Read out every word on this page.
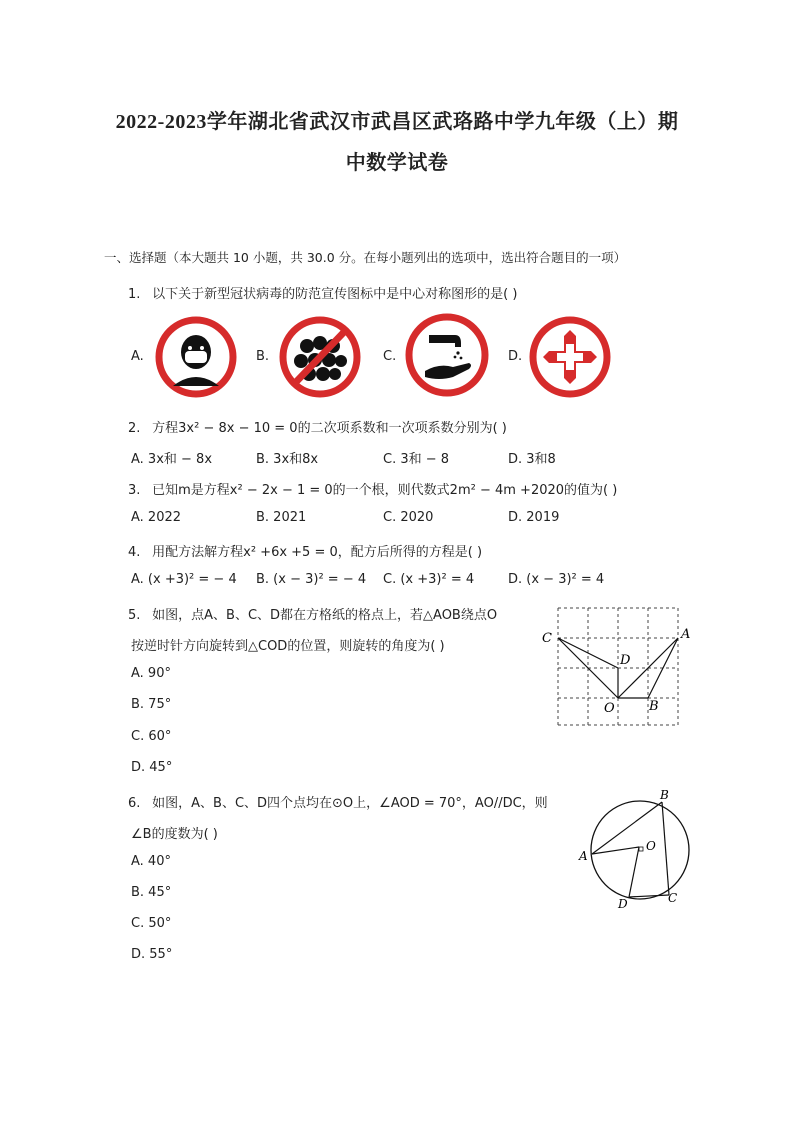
2022-2023学年湖北省武汉市武昌区武珞路中学九年级（上）期
中数学试卷
一、选择题（本大题共 10 小题，共 30.0 分。在每小题列出的选项中，选出符合题目的一项）
1. 以下关于新型冠状病毒的防范宣传图标中是中心对称图形的是( )
A.	B.	C.	D.
2. 方程3x² − 8x − 10 = 0的二次项系数和一次项系数分别为( )
A. 3x和 − 8x	B. 3x和8x	C. 3和 − 8	D. 3和8
3. 已知m是方程x² − 2x − 1 = 0的一个根，则代数式2m² − 4m +2020的值为( )
A. 2022	B. 2021	C. 2020	D. 2019
4. 用配方法解方程x² +6x +5 = 0，配方后所得的方程是( )
A. (x +3)² = − 4 B. (x − 3)² = − 4 C. (x +3)² = 4	D. (x − 3)² = 4
5. 如图，点A、B、C、D都在方格纸的格点上，若△AOB绕点O
按逆时针方向旋转到△COD的位置，则旋转的角度为( )
A. 90°
B. 75°
C. 60°
D. 45°
C	A
D
O	B
6. 如图，A、B、C、D四个点均在⊙O上，∠AOD = 70°，AO//DC，则
∠B的度数为( )
A. 40°
B. 45°
C. 50°
D. 55°
B
A
O
C
D
